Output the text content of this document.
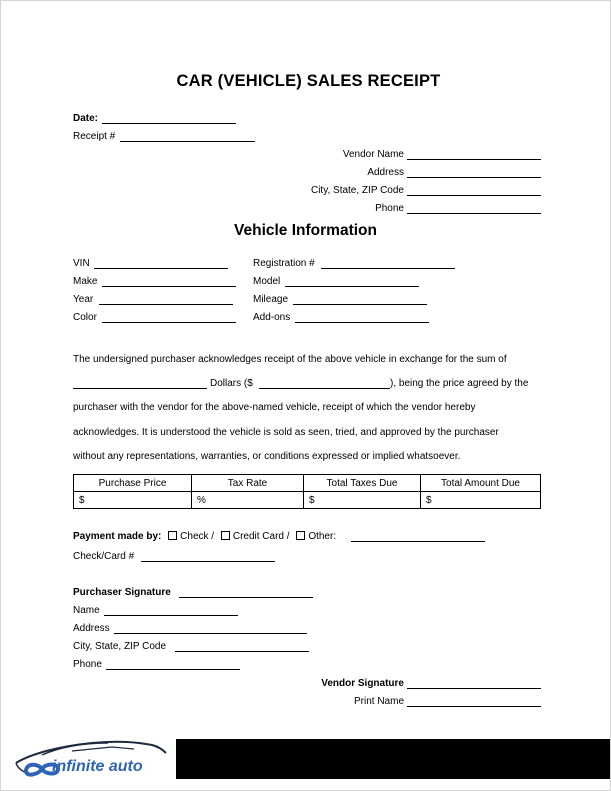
CAR (VEHICLE) SALES RECEIPT
Date:
Receipt #
Vendor Name
Address
City, State, ZIP Code
Phone
Vehicle Information
VIN
Make
Year
Color
Registration #
Model
Mileage
Add-ons
The undersigned purchaser acknowledges receipt of the above vehicle in exchange for the sum of
Dollars ($	), being the price agreed by the
purchaser with the vendor for the above-named vehicle, receipt of which the vendor hereby
acknowledges. It is understood the vehicle is sold as seen, tried, and approved by the purchaser
without any representations, warranties, or conditions expressed or implied whatsoever.
Purchase Price	Tax Rate	Total Taxes Due	Total Amount Due
$	%	$	$
Payment made by: Check / Credit Card / Other:
Check/Card #
Purchaser Signature
Name
Address
City, State, ZIP Code
Phone
Vendor Signature
Print Name
infinite auto
